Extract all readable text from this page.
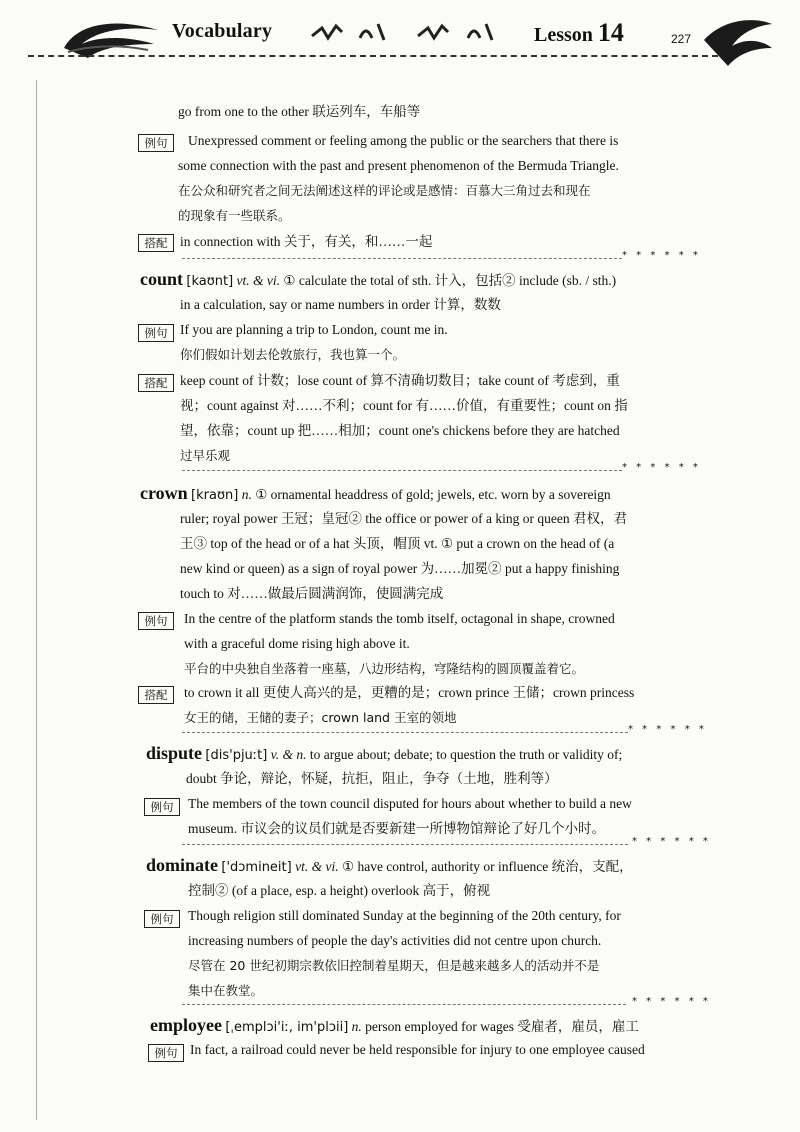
Vocabulary	Lesson 14	227
go from one to the other 联运列车，车船等
例句	Unexpressed comment or feeling among the public or the searchers that there is
some connection with the past and present phenomenon of the Bermuda Triangle.
在公众和研究者之间无法阐述这样的评论或是感情：百慕大三角过去和现在
的现象有一些联系。
搭配 in connection with 关于，有关，和……一起
* * * * * *
count [kaʊnt] vt. & vi. ① calculate the total of sth. 计入，包括② include (sb. / sth.)
in a calculation, say or name numbers in order 计算，数数
例句 If you are planning a trip to London, count me in.
你们假如计划去伦敦旅行，我也算一个。
搭配 keep count of 计数；lose count of 算不清确切数目；take count of 考虑到，重
视；count against 对……不利；count for 有……价值，有重要性；count on 指
望，依靠；count up 把……相加；count one's chickens before they are hatched
过早乐观
* * * * * *
crown [kraʊn] n. ① ornamental headdress of gold; jewels, etc. worn by a sovereign
ruler; royal power 王冠；皇冠② the office or power of a king or queen 君权，君
王③ top of the head or of a hat 头顶，帽顶 vt. ① put a crown on the head of (a
new kind or queen) as a sign of royal power 为……加冕② put a happy finishing
touch to 对……做最后圆满润饰，使圆满完成
例句	In the centre of the platform stands the tomb itself, octagonal in shape, crowned
with a graceful dome rising high above it.
平台的中央独自坐落着一座墓，八边形结构，穹隆结构的圆顶覆盖着它。
搭配	to crown it all 更使人高兴的是，更糟的是；crown prince 王储；crown princess
女王的储，王储的妻子；crown land 王室的领地
* * * * * *
dispute [dis'pjuːt] v. & n. to argue about; debate; to question the truth or validity of;
doubt 争论，辩论，怀疑，抗拒，阻止，争夺（土地，胜利等）
例句	The members of the town council disputed for hours about whether to build a new
museum. 市议会的议员们就是否要新建一所博物馆辩论了好几个小时。
* * * * * *
dominate ['dɔmineit] vt. & vi. ① have control, authority or influence 统治，支配，
控制② (of a place, esp. a height) overlook 高于，俯视
例句	Though religion still dominated Sunday at the beginning of the 20th century, for
increasing numbers of people the day's activities did not centre upon church.
尽管在 20 世纪初期宗教依旧控制着星期天，但是越来越多人的活动并不是
集中在教堂。
* * * * * *
employee [ˌemplɔi'iː, im'plɔii] n. person employed for wages 受雇者，雇员，雇工
例句 In fact, a railroad could never be held responsible for injury to one employee caused
